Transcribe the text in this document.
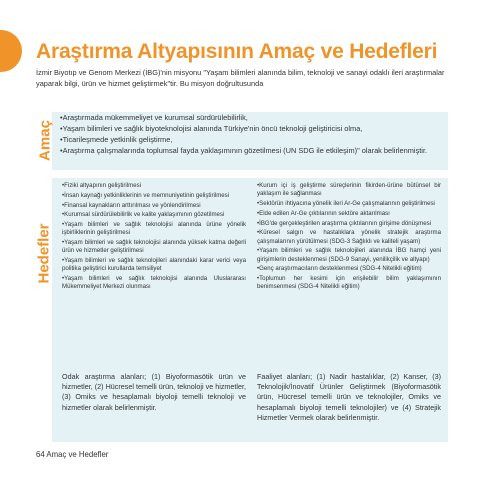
Araştırma Altyapısının Amaç ve Hedefleri
İzmir Biyotıp ve Genom Merkezi (İBG)'nin misyonu "Yaşam bilimleri alanında bilim, teknoloji ve sanayi odaklı ileri araştırmalar yaparak bilgi, ürün ve hizmet geliştirmek"tir. Bu misyon doğrultusunda
Amaç
•Araştırmada mükemmeliyet ve kurumsal sürdürülebilirlik,
•Yaşam bilimleri ve sağlık biyoteknolojisi alanında Türkiye'nin öncü teknoloji geliştiricisi olma,
•Ticarileşmede yetkinlik geliştirme,
•Araştırma çalışmalarında toplumsal fayda yaklaşımının gözetilmesi (UN SDG ile etkileşim)" olarak belirlenmiştir.
Hedefler
•Fiziki altyapının geliştirilmesi
•İnsan kaynağı yetkinliklerinin ve memnuniyetinin geliştirilmesi
•Finansal kaynakların arttırılması ve yönlendirilmesi
•Kurumsal sürdürülebilirlik ve kalite yaklaşımının gözetilmesi
•Yaşam bilimleri ve sağlık teknolojisi alanında ürüne yönelik işbirliklerinin geliştirilmesi
•Yaşam bilimleri ve sağlık teknolojisi alanında yüksek katma değerli ürün ve hizmetler geliştirilmesi
•Yaşam bilimleri ve sağlık teknolojileri alanındaki karar verici veya politika geliştirici kurullarda temsiliyet
•Yaşam bilimleri ve sağlık teknolojisi alanında Uluslararası Mükemmeliyet Merkezi olunması
•Kurum içi iş geliştirme süreçlerinin fikirden-ürüne bütünsel bir yaklaşım ile sağlanması
•Sektörün ihtiyacına yönelik ileri Ar-Ge çalışmalarının geliştirilmesi
•Elde edilen Ar-Ge çıktılarının sektöre aktarılması
•İBG'de gerçekleştirilen araştırma çıktılarının girişime dönüşmesi
•Küresel salgın ve hastalıklara yönelik stratejik araştırma çalışmalarının yürütülmesi (SDG-3 Sağlıklı ve kaliteli yaşam)
•Yaşam bilimleri ve sağlık teknolojileri alanında İBG hamçi yeni girişimlerin desteklenmesi (SDG-9 Sanayi, yenilikçilik ve altyapı)
•Genç araştırmacıların desteklenmesi (SDG-4 Nitelikli eğitim)
•Toplumun her kesimi için erişilebilir bilim yaklaşımının benimsenmesi (SDG-4 Nitelikli eğitim)
Odak araştırma alanları; (1) Biyoformasötik ürün ve hizmetler, (2) Hücresel temelli ürün, teknoloji ve hizmetler, (3) Omiks ve hesaplamalı biyoloji temelli teknoloji ve hizmetler olarak belirlenmiştir.
Faaliyet alanları; (1) Nadir hastalıklar, (2) Kanser, (3) Teknolojik/İnovatif Ürünler Geliştirmek (Biyoformasötik ürün, Hücresel temelli ürün ve teknolojiler, Omiks ve hesaplamalı biyoloji temelli teknolojiler) ve (4) Stratejik Hizmetler Vermek olarak belirlenmiştir.
64 Amaç ve Hedefler
